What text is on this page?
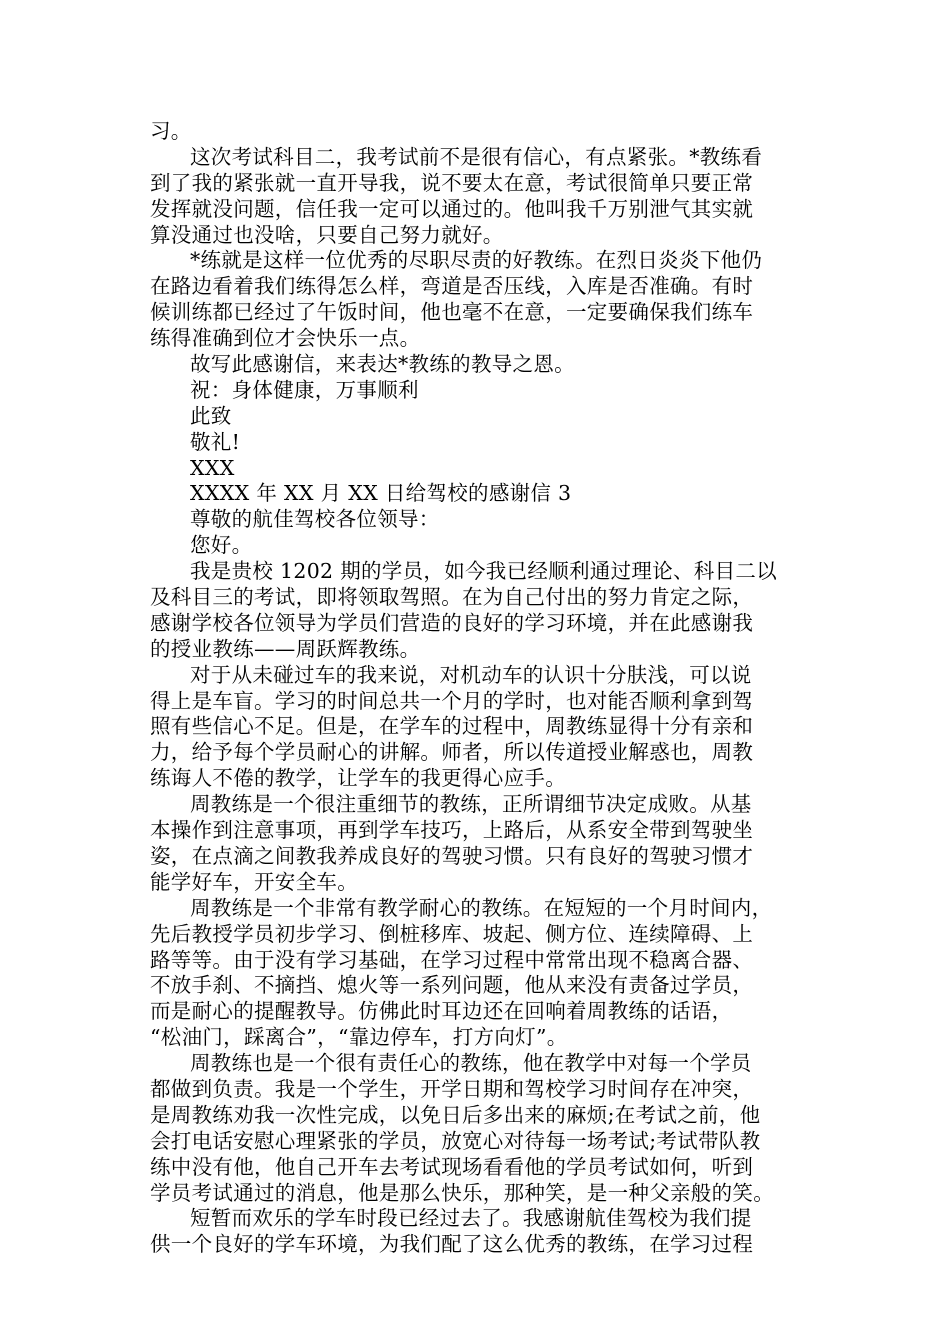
习。
这次考试科目二，我考试前不是很有信心，有点紧张。*教练看
到了我的紧张就一直开导我，说不要太在意，考试很简单只要正常
发挥就没问题，信任我一定可以通过的。他叫我千万别泄气其实就
算没通过也没啥，只要自己努力就好。
*练就是这样一位优秀的尽职尽责的好教练。在烈日炎炎下他仍
在路边看着我们练得怎么样，弯道是否压线，入库是否准确。有时
候训练都已经过了午饭时间，他也毫不在意，一定要确保我们练车
练得准确到位才会快乐一点。
故写此感谢信，来表达*教练的教导之恩。
祝：身体健康，万事顺利
此致
敬礼!
XXX
XXXX 年 XX 月 XX 日给驾校的感谢信 3
尊敬的航佳驾校各位领导：
您好。
我是贵校 1202 期的学员，如今我已经顺利通过理论、科目二以
及科目三的考试，即将领取驾照。在为自己付出的努力肯定之际，
感谢学校各位领导为学员们营造的良好的学习环境，并在此感谢我
的授业教练——周跃辉教练。
对于从未碰过车的我来说，对机动车的认识十分肤浅，可以说
得上是车盲。学习的时间总共一个月的学时，也对能否顺利拿到驾
照有些信心不足。但是，在学车的过程中，周教练显得十分有亲和
力，给予每个学员耐心的讲解。师者，所以传道授业解惑也，周教
练诲人不倦的教学，让学车的我更得心应手。
周教练是一个很注重细节的教练，正所谓细节决定成败。从基
本操作到注意事项，再到学车技巧，上路后，从系安全带到驾驶坐
姿，在点滴之间教我养成良好的驾驶习惯。只有良好的驾驶习惯才
能学好车，开安全车。
周教练是一个非常有教学耐心的教练。在短短的一个月时间内，
先后教授学员初步学习、倒桩移库、坡起、侧方位、连续障碍、上
路等等。由于没有学习基础，在学习过程中常常出现不稳离合器、
不放手刹、不摘挡、熄火等一系列问题，他从来没有责备过学员，
而是耐心的提醒教导。仿佛此时耳边还在回响着周教练的话语，
“松油门，踩离合”，“靠边停车，打方向灯”。
周教练也是一个很有责任心的教练，他在教学中对每一个学员
都做到负责。我是一个学生，开学日期和驾校学习时间存在冲突，
是周教练劝我一次性完成，以免日后多出来的麻烦;在考试之前，他
会打电话安慰心理紧张的学员，放宽心对待每一场考试;考试带队教
练中没有他，他自己开车去考试现场看看他的学员考试如何，听到
学员考试通过的消息，他是那么快乐，那种笑，是一种父亲般的笑。
短暂而欢乐的学车时段已经过去了。我感谢航佳驾校为我们提
供一个良好的学车环境，为我们配了这么优秀的教练，在学习过程
